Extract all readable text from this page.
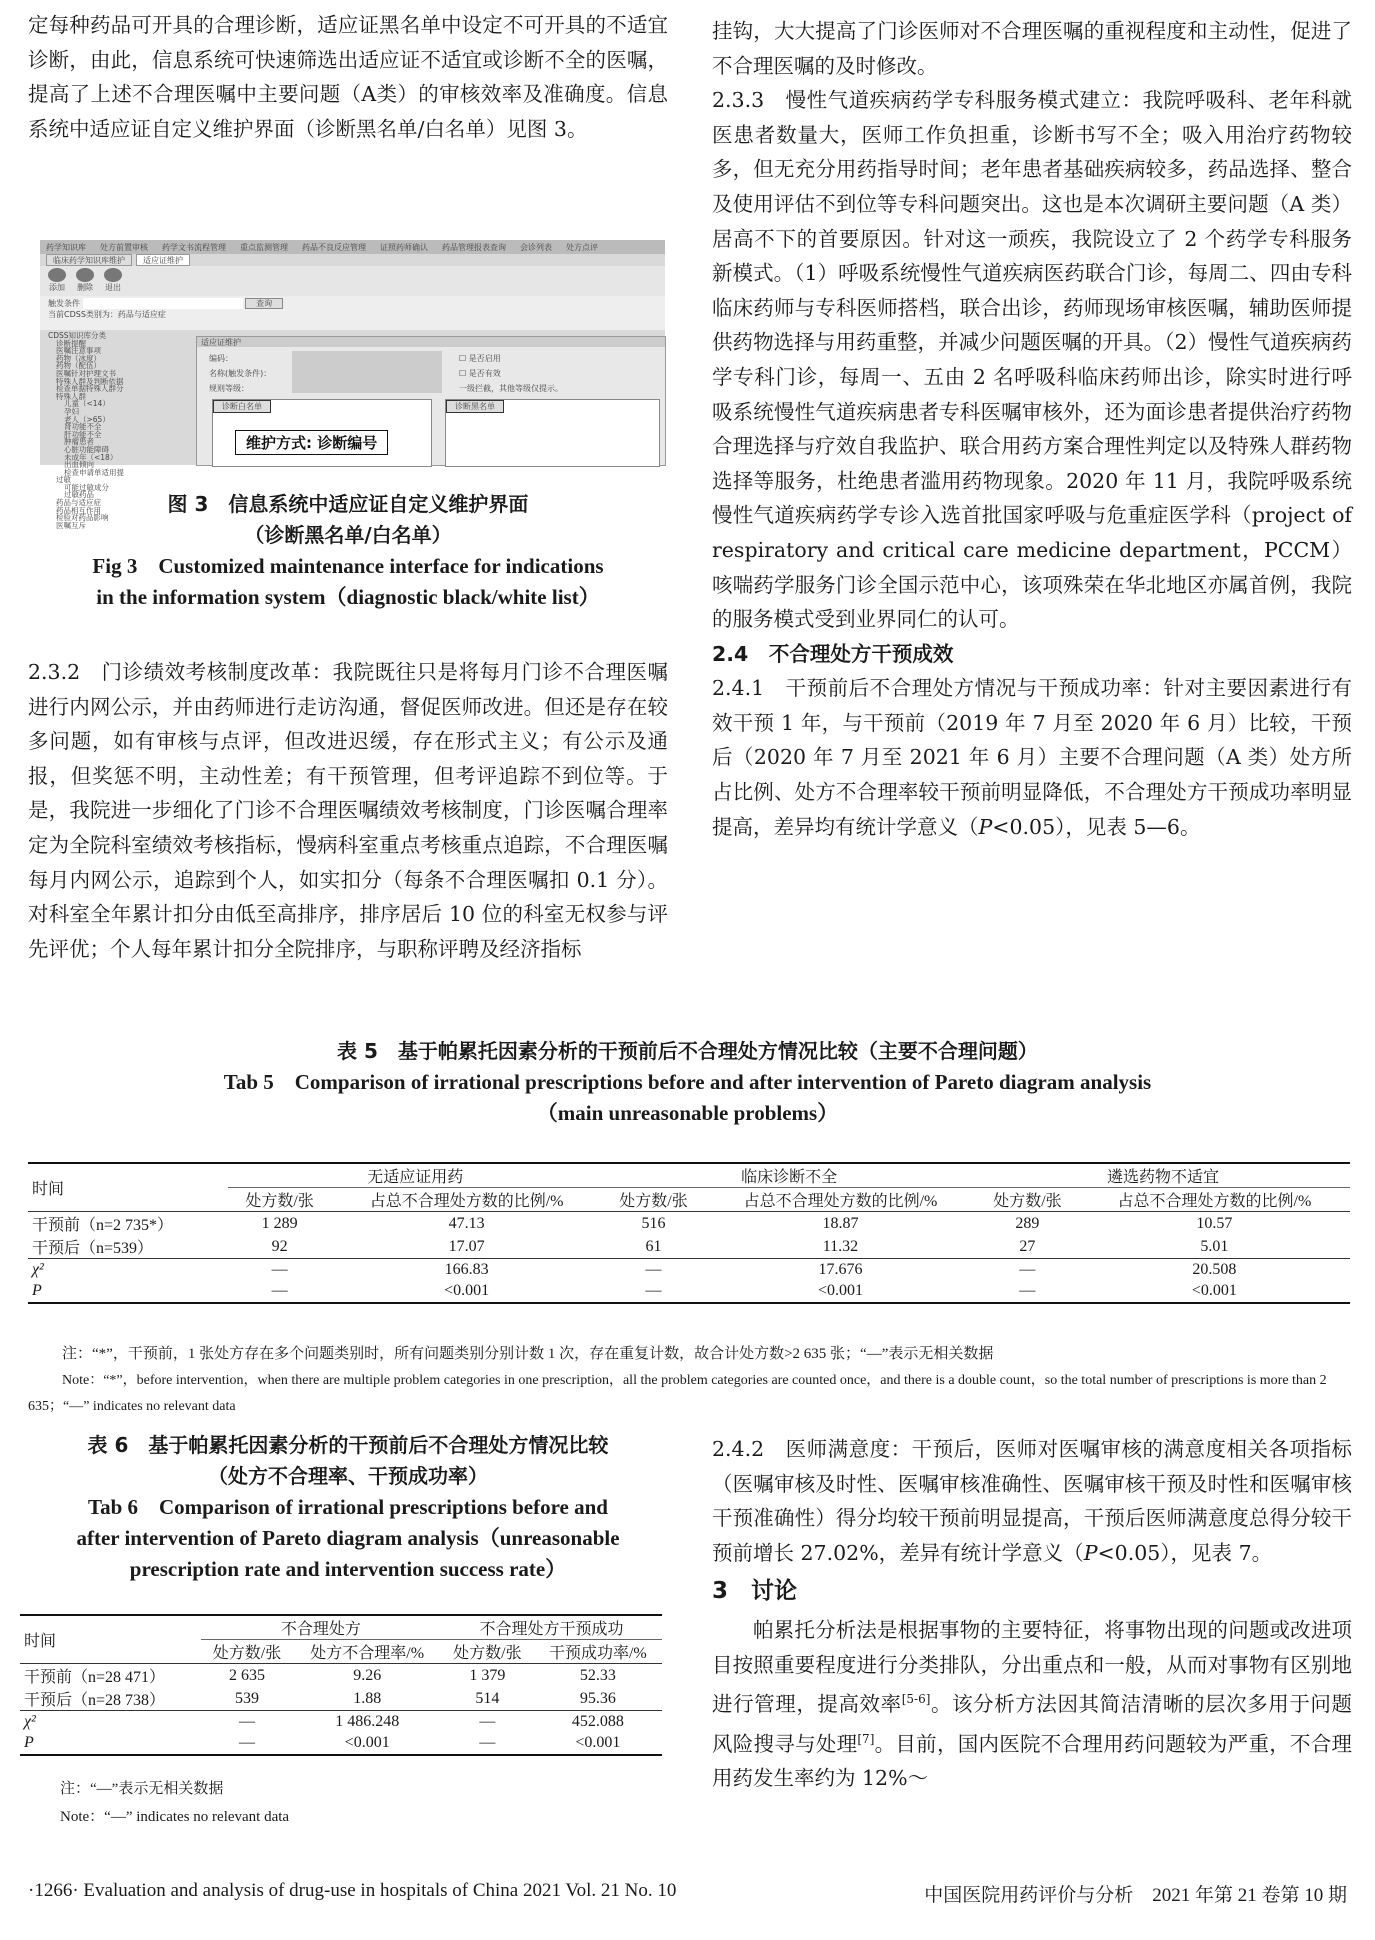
定每种药品可开具的合理诊断，适应证黑名单中设定不可开具的不适宜诊断，由此，信息系统可快速筛选出适应证不适宜或诊断不全的医嘱，提高了上述不合理医嘱中主要问题（A类）的审核效率及准确度。信息系统中适应证自定义维护界面（诊断黑名单/白名单）见图 3。

药学知识库 处方前置审核 药学文书流程管理 重点监测管理 药品不良反应管理 证照药师确认 药品管理报表查询 会诊列表 处方点评
临床药学知识库维护	适应证维护
添加 删除 退出
触发条件	查询
当前CDSS类别为：药品与适应症
CDSS知识库分类
诊断提醒
医嘱注意事项
药物（冰度）
药物（配伍）
医嘱针对护理文书
特殊人群及判断依据
检查单据特殊人群分
特殊人群
儿童（<14）
孕妇
老人（>65）
肾功能不全
肝功能不全
肿瘤患者
心脏功能障碍
未成年（<18）
出血倾向
检查申请单适用提
过敏
可能过敏成分
过敏药品
药品与适应症
药品相互作用
检验对药品影响
医嘱互斥
适应证维护
编码：
名称(触发条件)：
规则等级：
☐ 是否启用
☐ 是否有效
一级拦截，其他等级仅提示。
诊断白名单
维护方式: 诊断编号
诊断黑名单
图 3　信息系统中适应证自定义维护界面
（诊断黑名单/白名单）
Fig 3　Customized maintenance interface for indications
in the information system（diagnostic black/white list）

2.3.2　门诊绩效考核制度改革：我院既往只是将每月门诊不合理医嘱进行内网公示，并由药师进行走访沟通，督促医师改进。但还是存在较多问题，如有审核与点评，但改进迟缓，存在形式主义；有公示及通报，但奖惩不明，主动性差；有干预管理，但考评追踪不到位等。于是，我院进一步细化了门诊不合理医嘱绩效考核制度，门诊医嘱合理率定为全院科室绩效考核指标，慢病科室重点考核重点追踪，不合理医嘱每月内网公示，追踪到个人，如实扣分（每条不合理医嘱扣 0.1 分）。对科室全年累计扣分由低至高排序，排序居后 10 位的科室无权参与评先评优；个人每年累计扣分全院排序，与职称评聘及经济指标

挂钩，大大提高了门诊医师对不合理医嘱的重视程度和主动性，促进了不合理医嘱的及时修改。

2.3.3　慢性气道疾病药学专科服务模式建立：我院呼吸科、老年科就医患者数量大，医师工作负担重，诊断书写不全；吸入用治疗药物较多，但无充分用药指导时间；老年患者基础疾病较多，药品选择、整合及使用评估不到位等专科问题突出。这也是本次调研主要问题（A 类）居高不下的首要原因。针对这一顽疾，我院设立了 2 个药学专科服务新模式。（1）呼吸系统慢性气道疾病医药联合门诊，每周二、四由专科临床药师与专科医师搭档，联合出诊，药师现场审核医嘱，辅助医师提供药物选择与用药重整，并减少问题医嘱的开具。（2）慢性气道疾病药学专科门诊，每周一、五由 2 名呼吸科临床药师出诊，除实时进行呼吸系统慢性气道疾病患者专科医嘱审核外，还为面诊患者提供治疗药物合理选择与疗效自我监护、联合用药方案合理性判定以及特殊人群药物选择等服务，杜绝患者滥用药物现象。2020 年 11 月，我院呼吸系统慢性气道疾病药学专诊入选首批国家呼吸与危重症医学科（project of respiratory and critical care medicine department，PCCM）咳喘药学服务门诊全国示范中心，该项殊荣在华北地区亦属首例，我院的服务模式受到业界同仁的认可。

2.4　不合理处方干预成效

2.4.1　干预前后不合理处方情况与干预成功率：针对主要因素进行有效干预 1 年，与干预前（2019 年 7 月至 2020 年 6 月）比较，干预后（2020 年 7 月至 2021 年 6 月）主要不合理问题（A 类）处方所占比例、处方不合理率较干预前明显降低，不合理处方干预成功率明显提高，差异均有统计学意义（P<0.05），见表 5—6。

表 5　基于帕累托因素分析的干预前后不合理处方情况比较（主要不合理问题）
Tab 5　Comparison of irrational prescriptions before and after intervention of Pareto diagram analysis
（main unreasonable problems）
时间	无适应证用药		临床诊断不全		遴选药物不适宜	
	处方数/张	占总不合理处方数的比例/%	处方数/张	占总不合理处方数的比例/%	处方数/张	占总不合理处方数的比例/%
干预前（n=2 735*）	1 289	47.13	516	18.87	289	10.57
干预后（n=539）	92	17.07	61	11.32	27	5.01
χ²	—	166.83	—	17.676	—	20.508
P	—	<0.001	—	<0.001	—	<0.001
注：“*”，干预前，1 张处方存在多个问题类别时，所有问题类别分别计数 1 次，存在重复计数，故合计处方数>2 635 张；“—”表示无相关数据
Note：“*”，before intervention，when there are multiple problem categories in one prescription，all the problem categories are counted once，and there is a double count，so the total number of prescriptions is more than 2 635；“—” indicates no relevant data
表 6　基于帕累托因素分析的干预前后不合理处方情况比较
（处方不合理率、干预成功率）
Tab 6　Comparison of irrational prescriptions before and
after intervention of Pareto diagram analysis（unreasonable
prescription rate and intervention success rate）
时间	不合理处方		不合理处方干预成功	
	处方数/张	处方不合理率/%	处方数/张	干预成功率/%
干预前（n=28 471）	2 635	9.26	1 379	52.33
干预后（n=28 738）	539	1.88	514	95.36
χ²	—	1 486.248	—	452.088
P	—	<0.001	—	<0.001
注：“—”表示无相关数据
Note：“—” indicates no relevant data

2.4.2　医师满意度：干预后，医师对医嘱审核的满意度相关各项指标（医嘱审核及时性、医嘱审核准确性、医嘱审核干预及时性和医嘱审核干预准确性）得分均较干预前明显提高，干预后医师满意度总得分较干预前增长 27.02%，差异有统计学意义（P<0.05），见表 7。

3　讨论

帕累托分析法是根据事物的主要特征，将事物出现的问题或改进项目按照重要程度进行分类排队，分出重点和一般，从而对事物有区别地进行管理，提高效率[5-6]。该分析方法因其简洁清晰的层次多用于问题风险搜寻与处理[7]。目前，国内医院不合理用药问题较为严重，不合理用药发生率约为 12%～

·1266· Evaluation and analysis of drug-use in hospitals of China 2021 Vol. 21 No. 10	中国医院用药评价与分析　2021 年第 21 卷第 10 期
